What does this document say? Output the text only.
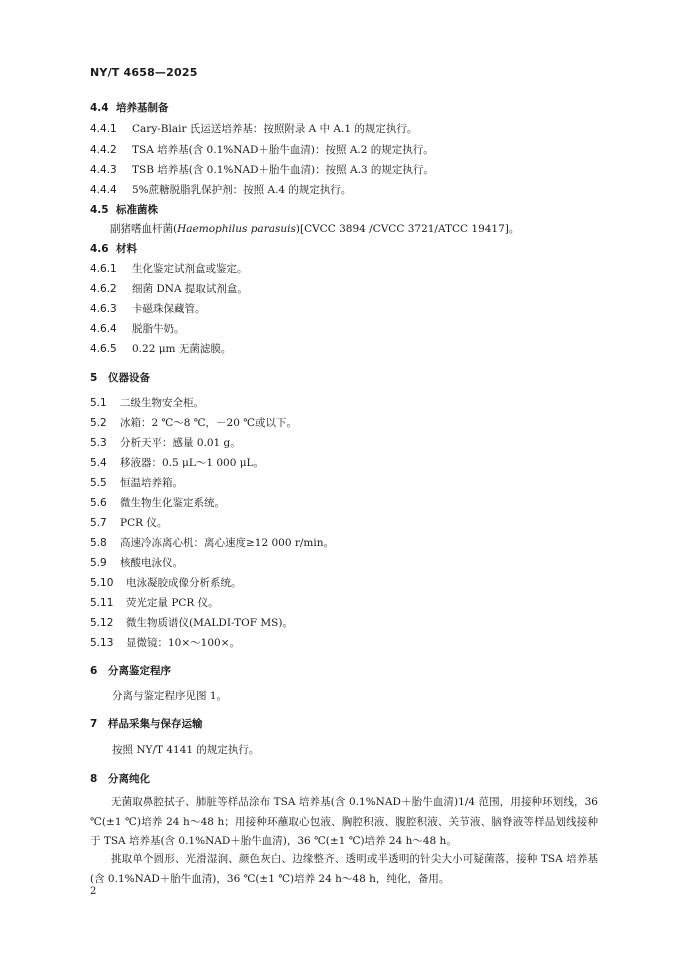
NY/T 4658—2025
4.4 培养基制备
4.4.1 Cary-Blair 氏运送培养基：按照附录 A 中 A.1 的规定执行。
4.4.2 TSA 培养基(含 0.1%NAD＋胎牛血清)：按照 A.2 的规定执行。
4.4.3 TSB 培养基(含 0.1%NAD＋胎牛血清)：按照 A.3 的规定执行。
4.4.4 5%蔗糖脱脂乳保护剂：按照 A.4 的规定执行。
4.5 标准菌株
副猪嗜血杆菌(Haemophilus parasuis)[CVCC 3894 /CVCC 3721/ATCC 19417]。
4.6 材料
4.6.1 生化鉴定试剂盒或鉴定。
4.6.2 细菌 DNA 提取试剂盒。
4.6.3 卡磁珠保藏管。
4.6.4 脱脂牛奶。
4.6.5 0.22 μm 无菌滤膜。
5 仪器设备
5.1 二级生物安全柜。
5.2 冰箱：2 ℃～8 ℃，－20 ℃或以下。
5.3 分析天平：感量 0.01 g。
5.4 移液器：0.5 μL～1 000 μL。
5.5 恒温培养箱。
5.6 微生物生化鉴定系统。
5.7 PCR 仪。
5.8 高速冷冻离心机：离心速度≥12 000 r/min。
5.9 核酸电泳仪。
5.10 电泳凝胶成像分析系统。
5.11 荧光定量 PCR 仪。
5.12 微生物质谱仪(MALDI-TOF MS)。
5.13 显微镜：10×～100×。
6 分离鉴定程序
分离与鉴定程序见图 1。
7 样品采集与保存运输
按照 NY/T 4141 的规定执行。
8 分离纯化
无菌取鼻腔拭子、肺脏等样品涂布 TSA 培养基(含 0.1%NAD＋胎牛血清)1/4 范围，用接种环划线，36 ℃(±1 ℃)培养 24 h～48 h；用接种环蘸取心包液、胸腔积液、腹腔积液、关节液、脑脊液等样品划线接种于 TSA 培养基(含 0.1%NAD＋胎牛血清)，36 ℃(±1 ℃)培养 24 h～48 h。
挑取单个圆形、光滑湿润、颜色灰白、边缘整齐、透明或半透明的针尖大小可疑菌落，接种 TSA 培养基(含 0.1%NAD＋胎牛血清)，36 ℃(±1 ℃)培养 24 h～48 h，纯化，备用。
2
